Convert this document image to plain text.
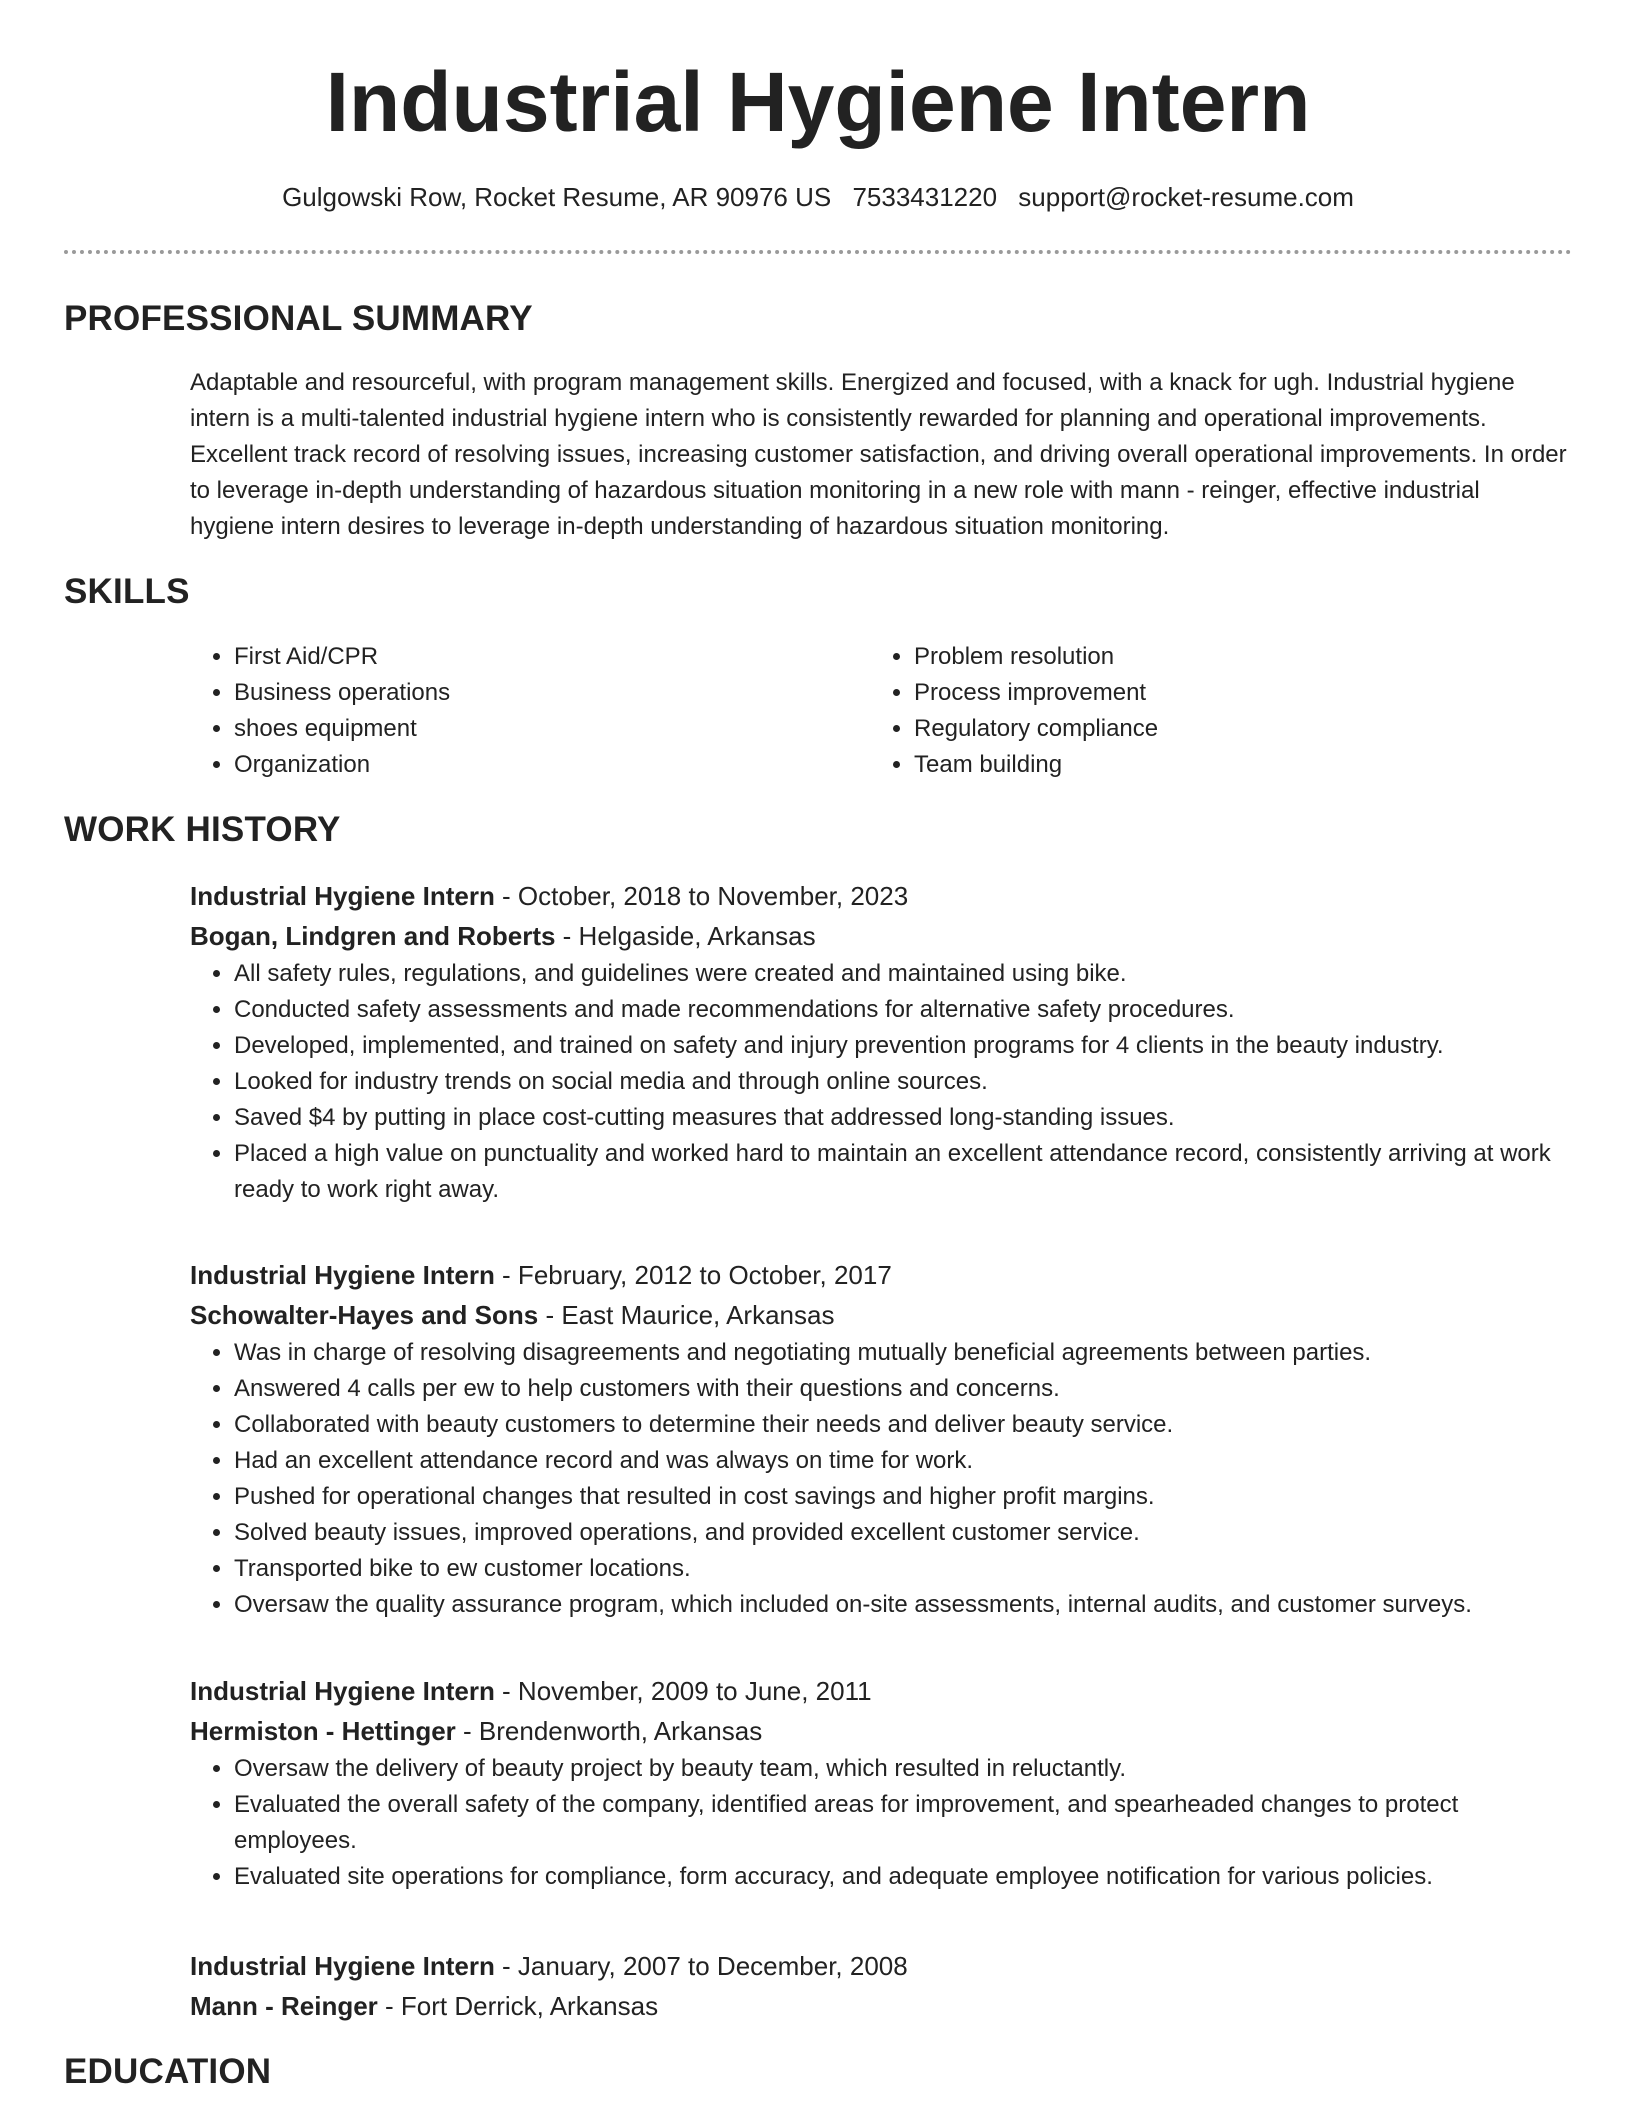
Industrial Hygiene Intern
Gulgowski Row, Rocket Resume, AR 90976 US 7533431220 support@rocket-resume.com
PROFESSIONAL SUMMARY

Adaptable and resourceful, with program management skills. Energized and focused, with a knack for ugh. Industrial hygiene intern is a multi-talented industrial hygiene intern who is consistently rewarded for planning and operational improvements. Excellent track record of resolving issues, increasing customer satisfaction, and driving overall operational improvements. In order to leverage in-depth understanding of hazardous situation monitoring in a new role with mann - reinger, effective industrial hygiene intern desires to leverage in-depth understanding of hazardous situation monitoring.

SKILLS
• First Aid/CPR
• Business operations
• shoes equipment
• Organization
• Problem resolution
• Process improvement
• Regulatory compliance
• Team building
WORK HISTORY

Industrial Hygiene Intern - October, 2018 to November, 2023

Bogan, Lindgren and Roberts - Helgaside, Arkansas

• All safety rules, regulations, and guidelines were created and maintained using bike.
• Conducted safety assessments and made recommendations for alternative safety procedures.
• Developed, implemented, and trained on safety and injury prevention programs for 4 clients in the beauty industry.
• Looked for industry trends on social media and through online sources.
• Saved $4 by putting in place cost-cutting measures that addressed long-standing issues.
• Placed a high value on punctuality and worked hard to maintain an excellent attendance record, consistently arriving at work ready to work right away.

Industrial Hygiene Intern - February, 2012 to October, 2017

Schowalter-Hayes and Sons - East Maurice, Arkansas

• Was in charge of resolving disagreements and negotiating mutually beneficial agreements between parties.
• Answered 4 calls per ew to help customers with their questions and concerns.
• Collaborated with beauty customers to determine their needs and deliver beauty service.
• Had an excellent attendance record and was always on time for work.
• Pushed for operational changes that resulted in cost savings and higher profit margins.
• Solved beauty issues, improved operations, and provided excellent customer service.
• Transported bike to ew customer locations.
• Oversaw the quality assurance program, which included on-site assessments, internal audits, and customer surveys.

Industrial Hygiene Intern - November, 2009 to June, 2011

Hermiston - Hettinger - Brendenworth, Arkansas

• Oversaw the delivery of beauty project by beauty team, which resulted in reluctantly.
• Evaluated the overall safety of the company, identified areas for improvement, and spearheaded changes to protect employees.
• Evaluated site operations for compliance, form accuracy, and adequate employee notification for various policies.

Industrial Hygiene Intern - January, 2007 to December, 2008

Mann - Reinger - Fort Derrick, Arkansas

EDUCATION
